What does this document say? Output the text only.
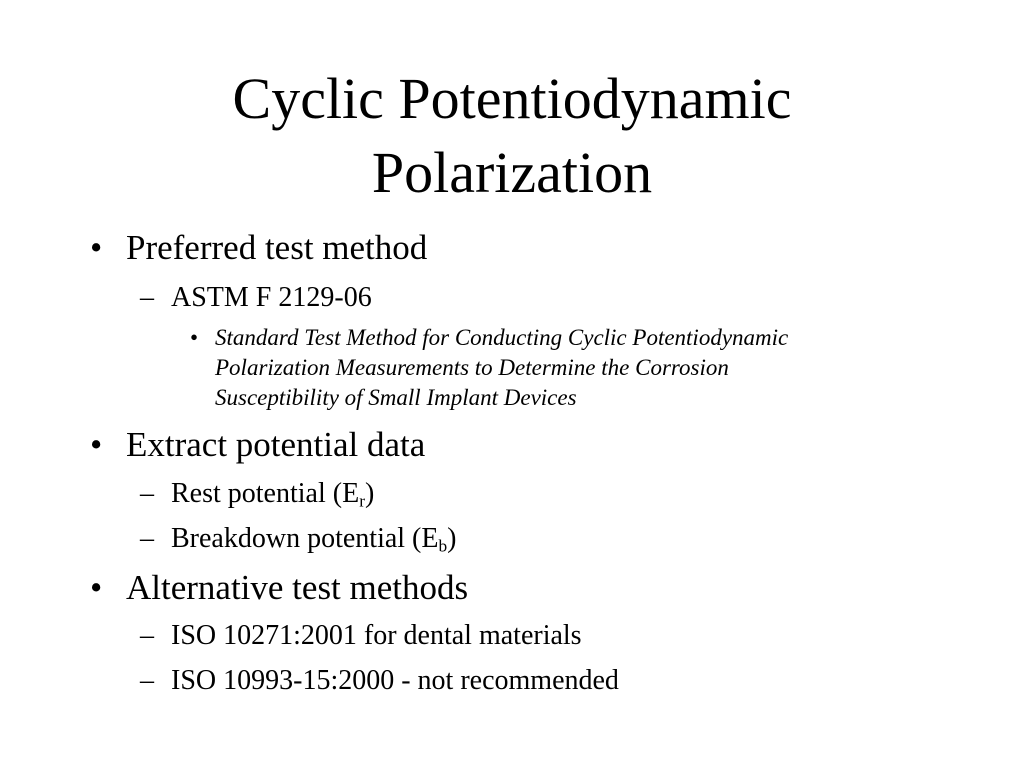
Cyclic Potentiodynamic
Polarization
• Preferred test method
– ASTM F 2129-06
• Standard Test Method for Conducting Cyclic Potentiodynamic
Polarization Measurements to Determine the Corrosion
Susceptibility of Small Implant Devices
• Extract potential data
– Rest potential $(E_r)$
– Breakdown potential $(E_b)$
• Alternative test methods
– ISO 10271:2001 for dental materials
– ISO 10993-15:2000 - not recommended
